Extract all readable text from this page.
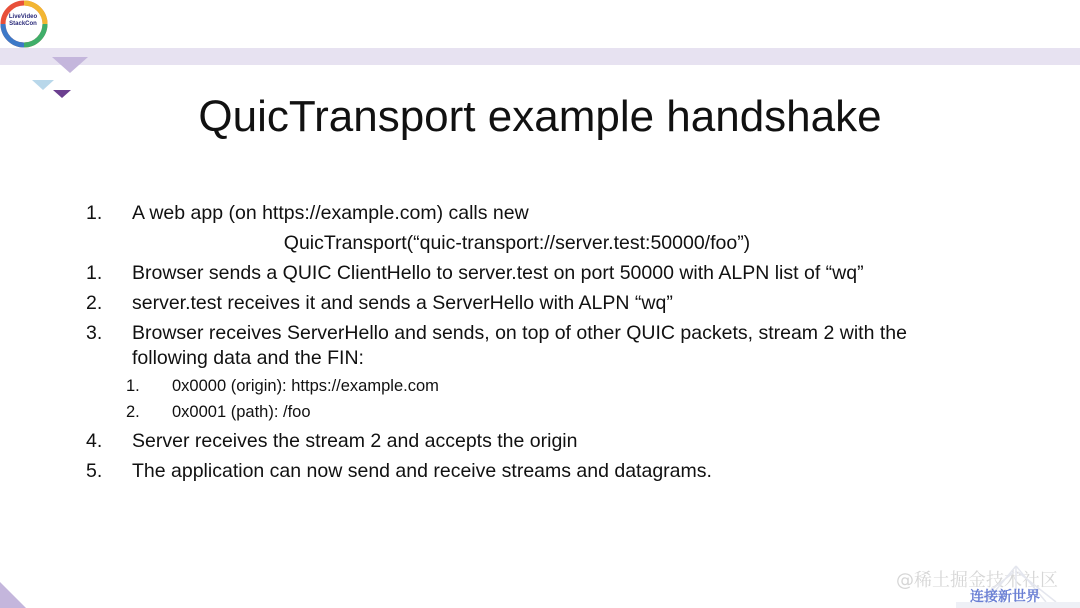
LiveVideo
StackCon
QuicTransport example handshake
1. A web app (on https://example.com) calls new
QuicTransport(“quic-transport://server.test:50000/foo”)
1. Browser sends a QUIC ClientHello to server.test on port 50000 with ALPN list of “wq”
2. server.test receives it and sends a ServerHello with ALPN “wq”
3. Browser receives ServerHello and sends, on top of other QUIC packets, stream 2 with the
following data and the FIN:
1. 0x0000 (origin): https://example.com
2. 0x0001 (path): /foo
4. Server receives the stream 2 and accepts the origin
5. The application can now send and receive streams and datagrams.
@稀土掘金技术社区
连接新世界
